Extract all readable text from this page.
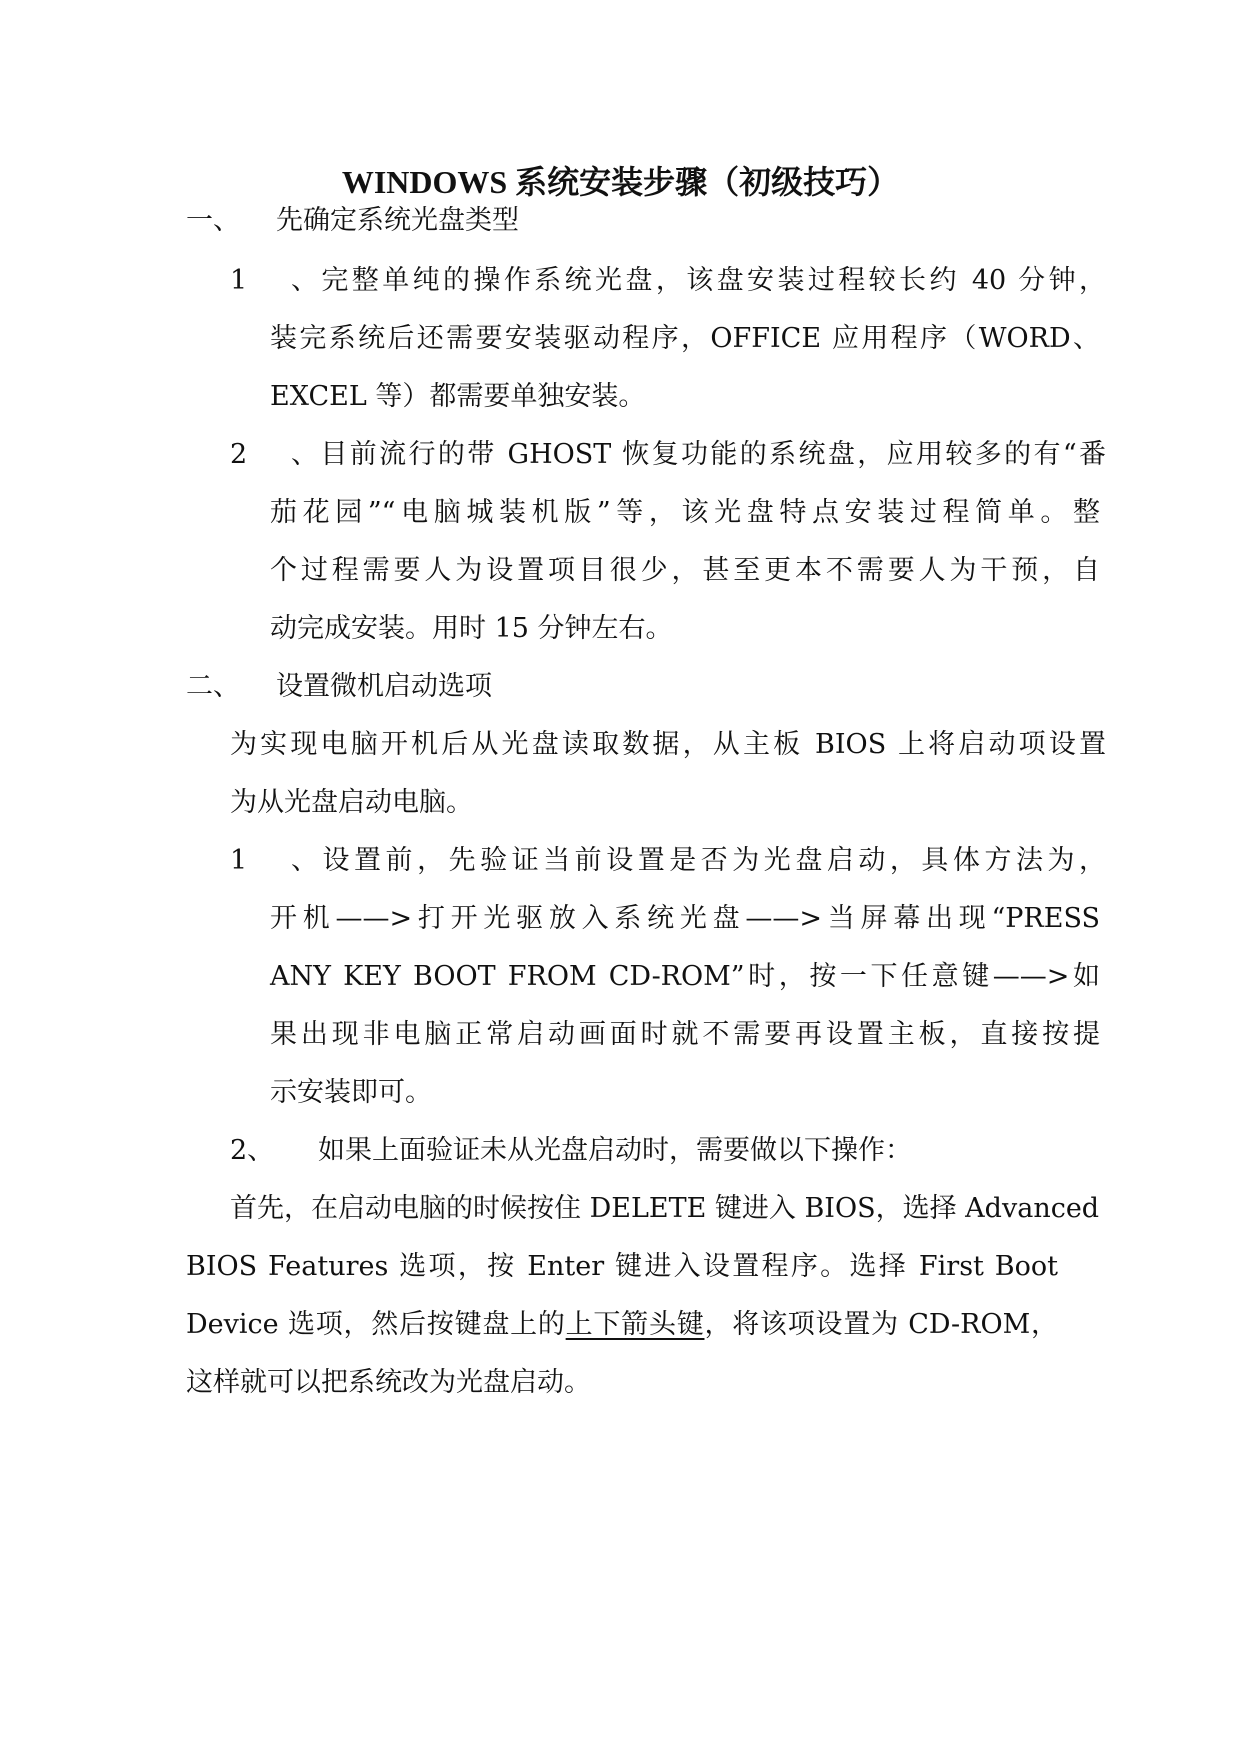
WINDOWS 系统安装步骤（初级技巧）
一、 先确定系统光盘类型
1、完整单纯的操作系统光盘，该盘安装过程较长约 40 分钟，
装完系统后还需要安装驱动程序，OFFICE 应用程序（WORD、
EXCEL 等）都需要单独安装。
2、目前流行的带 GHOST 恢复功能的系统盘，应用较多的有“番
茄花园”“电脑城装机版”等，该光盘特点安装过程简单。整
个过程需要人为设置项目很少，甚至更本不需要人为干预，自
动完成安装。用时 15 分钟左右。
二、 设置微机启动选项
为实现电脑开机后从光盘读取数据，从主板 BIOS 上将启动项设置
为从光盘启动电脑。
1、设置前，先验证当前设置是否为光盘启动，具体方法为，
开机——>打开光驱放入系统光盘——>当屏幕出现“PRESS
ANY KEY BOOT FROM CD-ROM”时，按一下任意键——>如
果出现非电脑正常启动画面时就不需要再设置主板，直接按提
示安装即可。
2、 如果上面验证未从光盘启动时，需要做以下操作：
首先，在启动电脑的时候按住 DELETE 键进入 BIOS，选择 Advanced
BIOS Features 选项，按 Enter 键进入设置程序。选择 First Boot
Device 选项，然后按键盘上的上下箭头键，将该项设置为 CD-ROM，
这样就可以把系统改为光盘启动。
